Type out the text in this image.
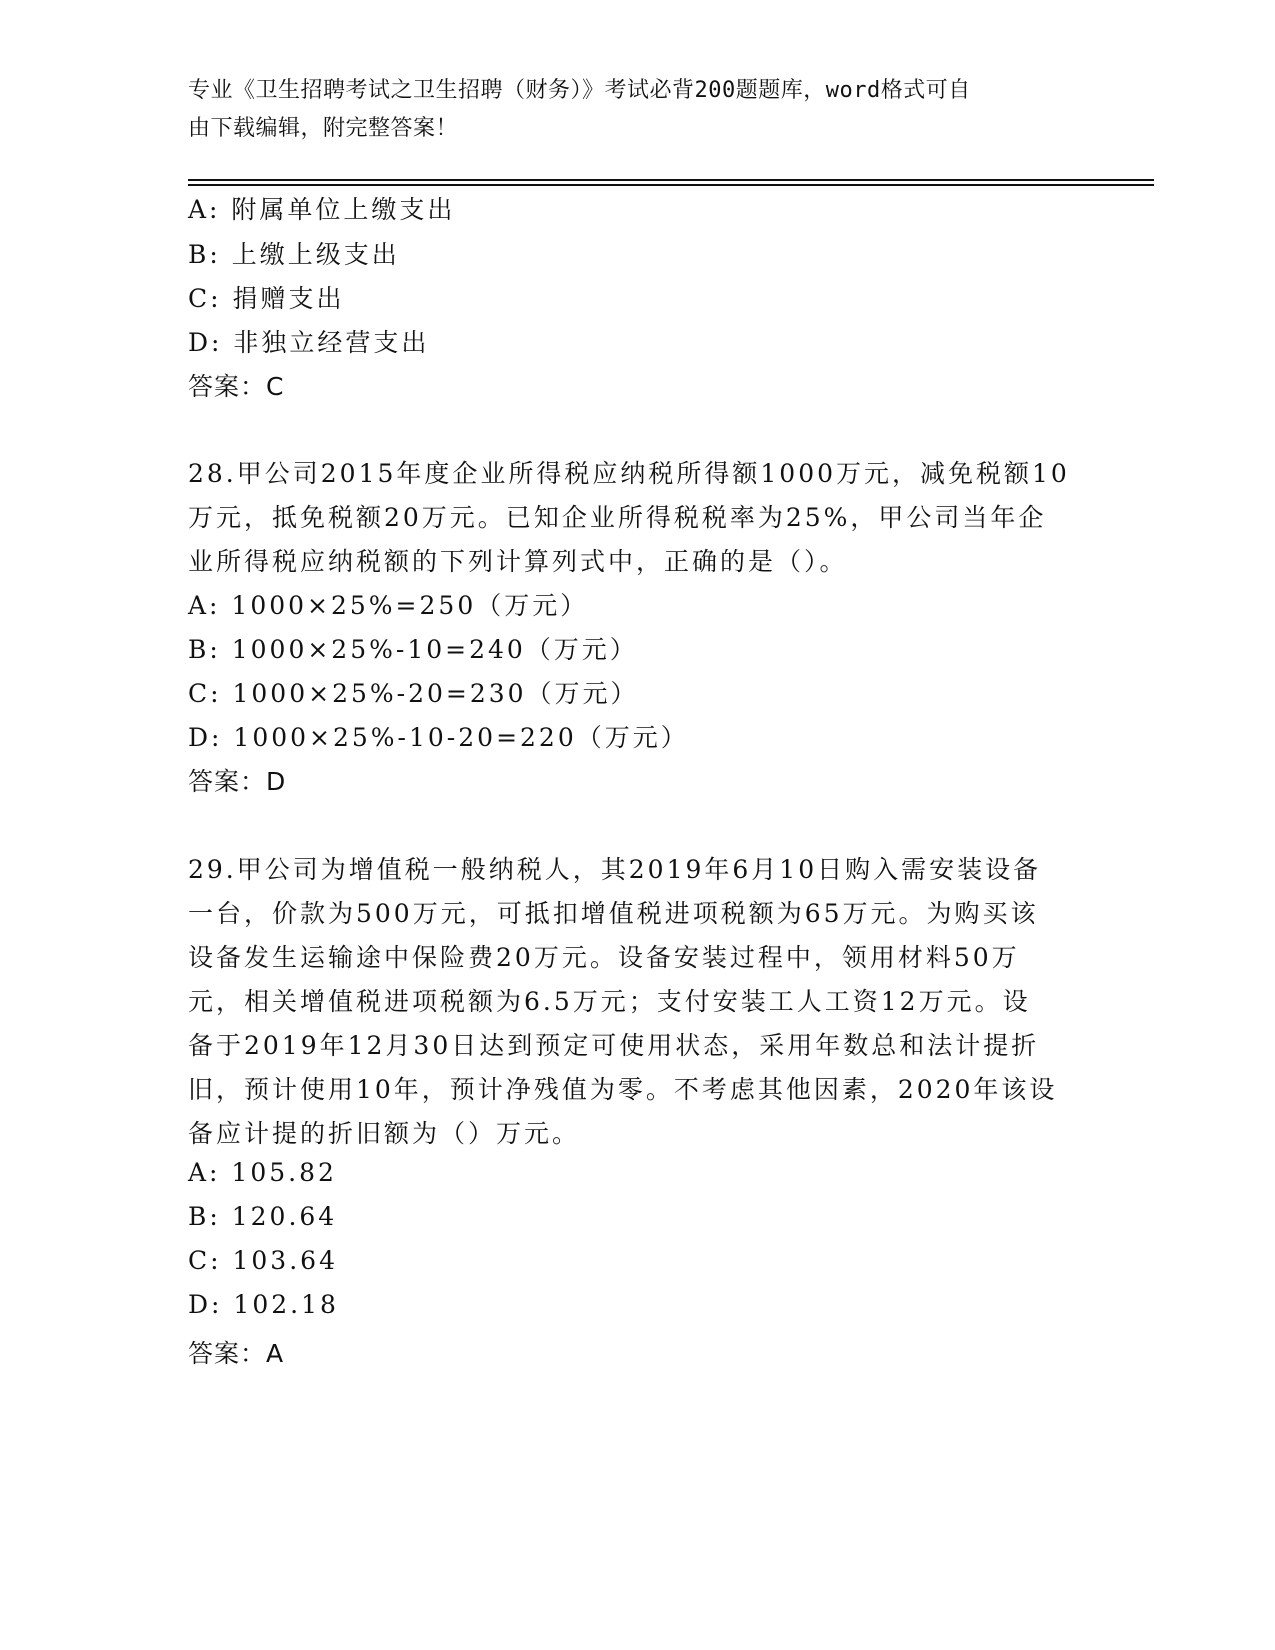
专业《卫生招聘考试之卫生招聘（财务）》考试必背200题题库，word格式可自
由下载编辑，附完整答案！
A: 附属单位上缴支出
B: 上缴上级支出
C: 捐赠支出
D: 非独立经营支出
答案：C
28.甲公司2015年度企业所得税应纳税所得额1000万元，减免税额10
万元，抵免税额20万元。已知企业所得税税率为25%，甲公司当年企
业所得税应纳税额的下列计算列式中，正确的是（）。
A: 1000×25%=250（万元）
B: 1000×25%-10=240（万元）
C: 1000×25%-20=230（万元）
D: 1000×25%-10-20=220（万元）
答案：D
29.甲公司为增值税一般纳税人，其2019年6月10日购入需安装设备
一台，价款为500万元，可抵扣增值税进项税额为65万元。为购买该
设备发生运输途中保险费20万元。设备安装过程中，领用材料50万
元，相关增值税进项税额为6.5万元；支付安装工人工资12万元。设
备于2019年12月30日达到预定可使用状态，采用年数总和法计提折
旧，预计使用10年，预计净残值为零。不考虑其他因素，2020年该设
备应计提的折旧额为（）万元。
A: 105.82
B: 120.64
C: 103.64
D: 102.18
答案：A
